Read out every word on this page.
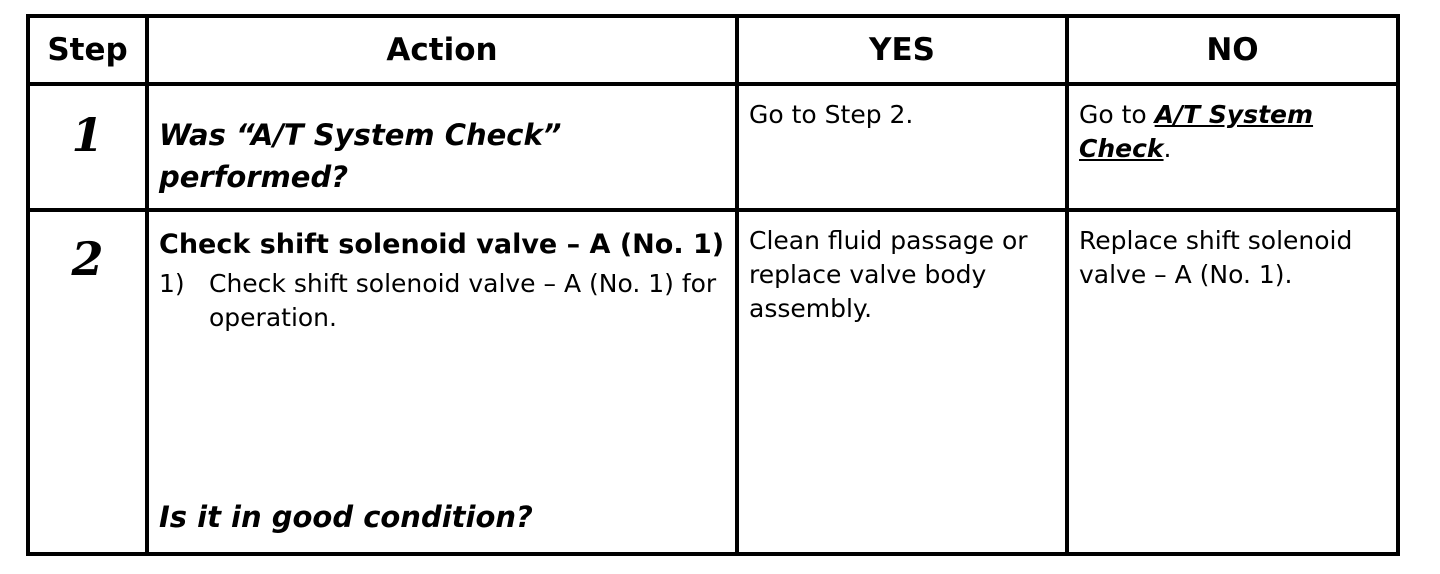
Step	Action	YES	NO
1	Was “A/T System Check” performed?	Go to Step 2.	Go to A/T System Check.
2	Check shift solenoid valve – A (No. 1)
1) Check shift solenoid valve – A (No. 1) for operation.
Is it in good condition?	Clean fluid passage or replace valve body assembly.	Replace shift solenoid valve – A (No. 1).
